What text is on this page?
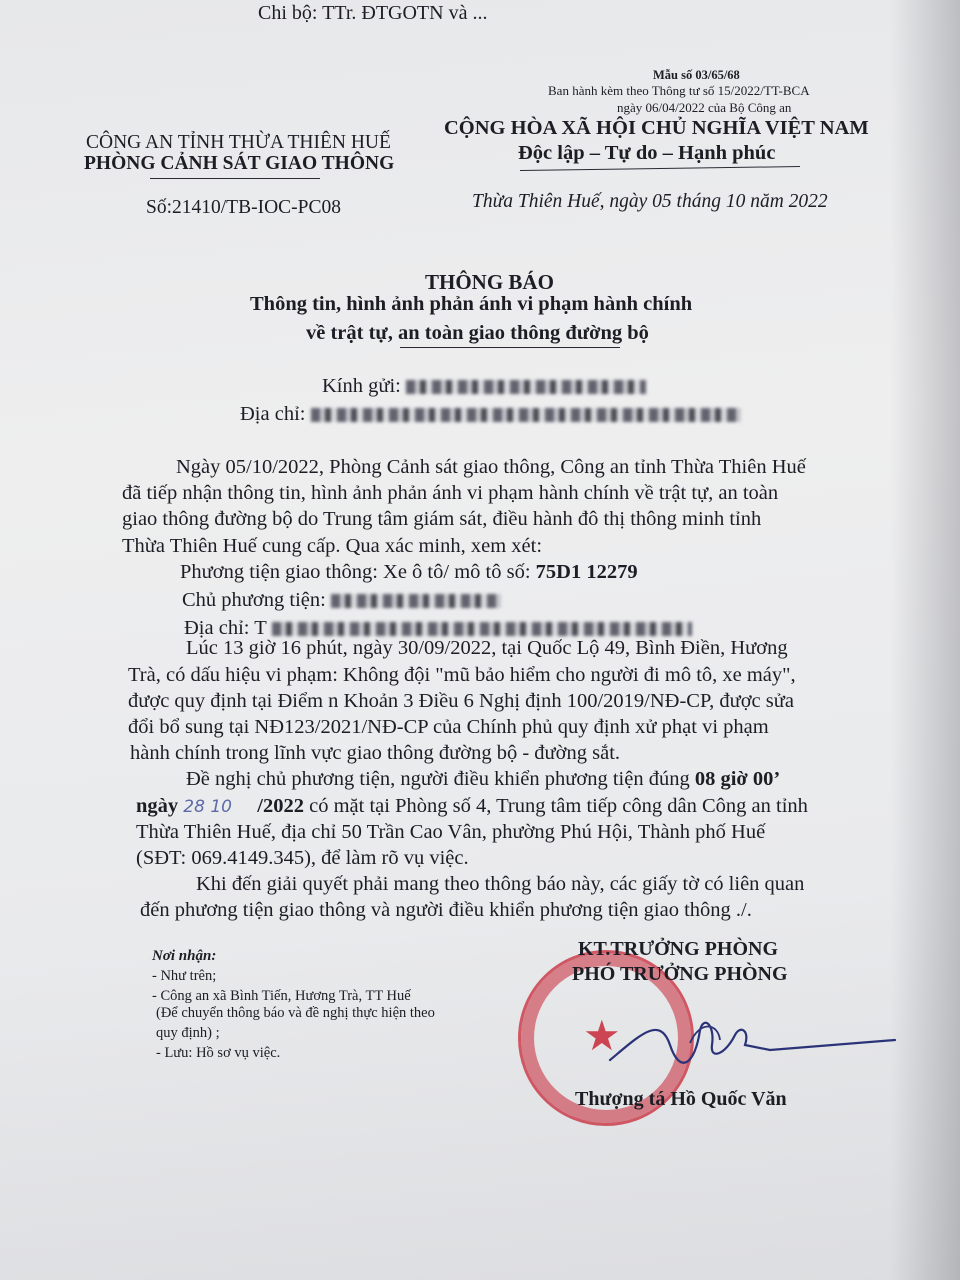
Chi bộ: TTr. ĐTGOTN và ...
Mẫu số 03/65/68
Ban hành kèm theo Thông tư số 15/2022/TT-BCA
ngày 06/04/2022 của Bộ Công an
CÔNG AN TỈNH THỪA THIÊN HUẾ
PHÒNG CẢNH SÁT GIAO THÔNG
CỘNG HÒA XÃ HỘI CHỦ NGHĨA VIỆT NAM
Độc lập – Tự do – Hạnh phúc
Số:21410/TB-IOC-PC08	Thừa Thiên Huế, ngày 05 tháng 10 năm 2022
THÔNG BÁO
Thông tin, hình ảnh phản ánh vi phạm hành chính
về trật tự, an toàn giao thông đường bộ
Kính gửi:
Địa chỉ:
Ngày 05/10/2022, Phòng Cảnh sát giao thông, Công an tỉnh Thừa Thiên Huế
đã tiếp nhận thông tin, hình ảnh phản ánh vi phạm hành chính về trật tự, an toàn
giao thông đường bộ do Trung tâm giám sát, điều hành đô thị thông minh tỉnh
Thừa Thiên Huế cung cấp. Qua xác minh, xem xét:
Phương tiện giao thông: Xe ô tô/ mô tô số: 75D1 12279
Chủ phương tiện:
Địa chỉ: T
Lúc 13 giờ 16 phút, ngày 30/09/2022, tại Quốc Lộ 49, Bình Điền, Hương
Trà, có dấu hiệu vi phạm: Không đội "mũ bảo hiểm cho người đi mô tô, xe máy",
được quy định tại Điểm n Khoản 3 Điều 6 Nghị định 100/2019/NĐ-CP, được sửa
đổi bổ sung tại NĐ123/2021/NĐ-CP của Chính phủ quy định xử phạt vi phạm
hành chính trong lĩnh vực giao thông đường bộ - đường sắt.
Đề nghị chủ phương tiện, người điều khiển phương tiện đúng 08 giờ 00’
ngày 28 10 /2022 có mặt tại Phòng số 4, Trung tâm tiếp công dân Công an tỉnh
Thừa Thiên Huế, địa chỉ 50 Trần Cao Vân, phường Phú Hội, Thành phố Huế
(SĐT: 069.4149.345), để làm rõ vụ việc.
Khi đến giải quyết phải mang theo thông báo này, các giấy tờ có liên quan
đến phương tiện giao thông và người điều khiển phương tiện giao thông ./.
Nơi nhận:
- Như trên;
- Công an xã Bình Tiến, Hương Trà, TT Huế
(Để chuyển thông báo và đề nghị thực hiện theo
quy định) ;
- Lưu: Hồ sơ vụ việc.	★
KT.TRƯỞNG PHÒNG
PHÓ TRƯỞNG PHÒNG
Thượng tá Hồ Quốc Văn
